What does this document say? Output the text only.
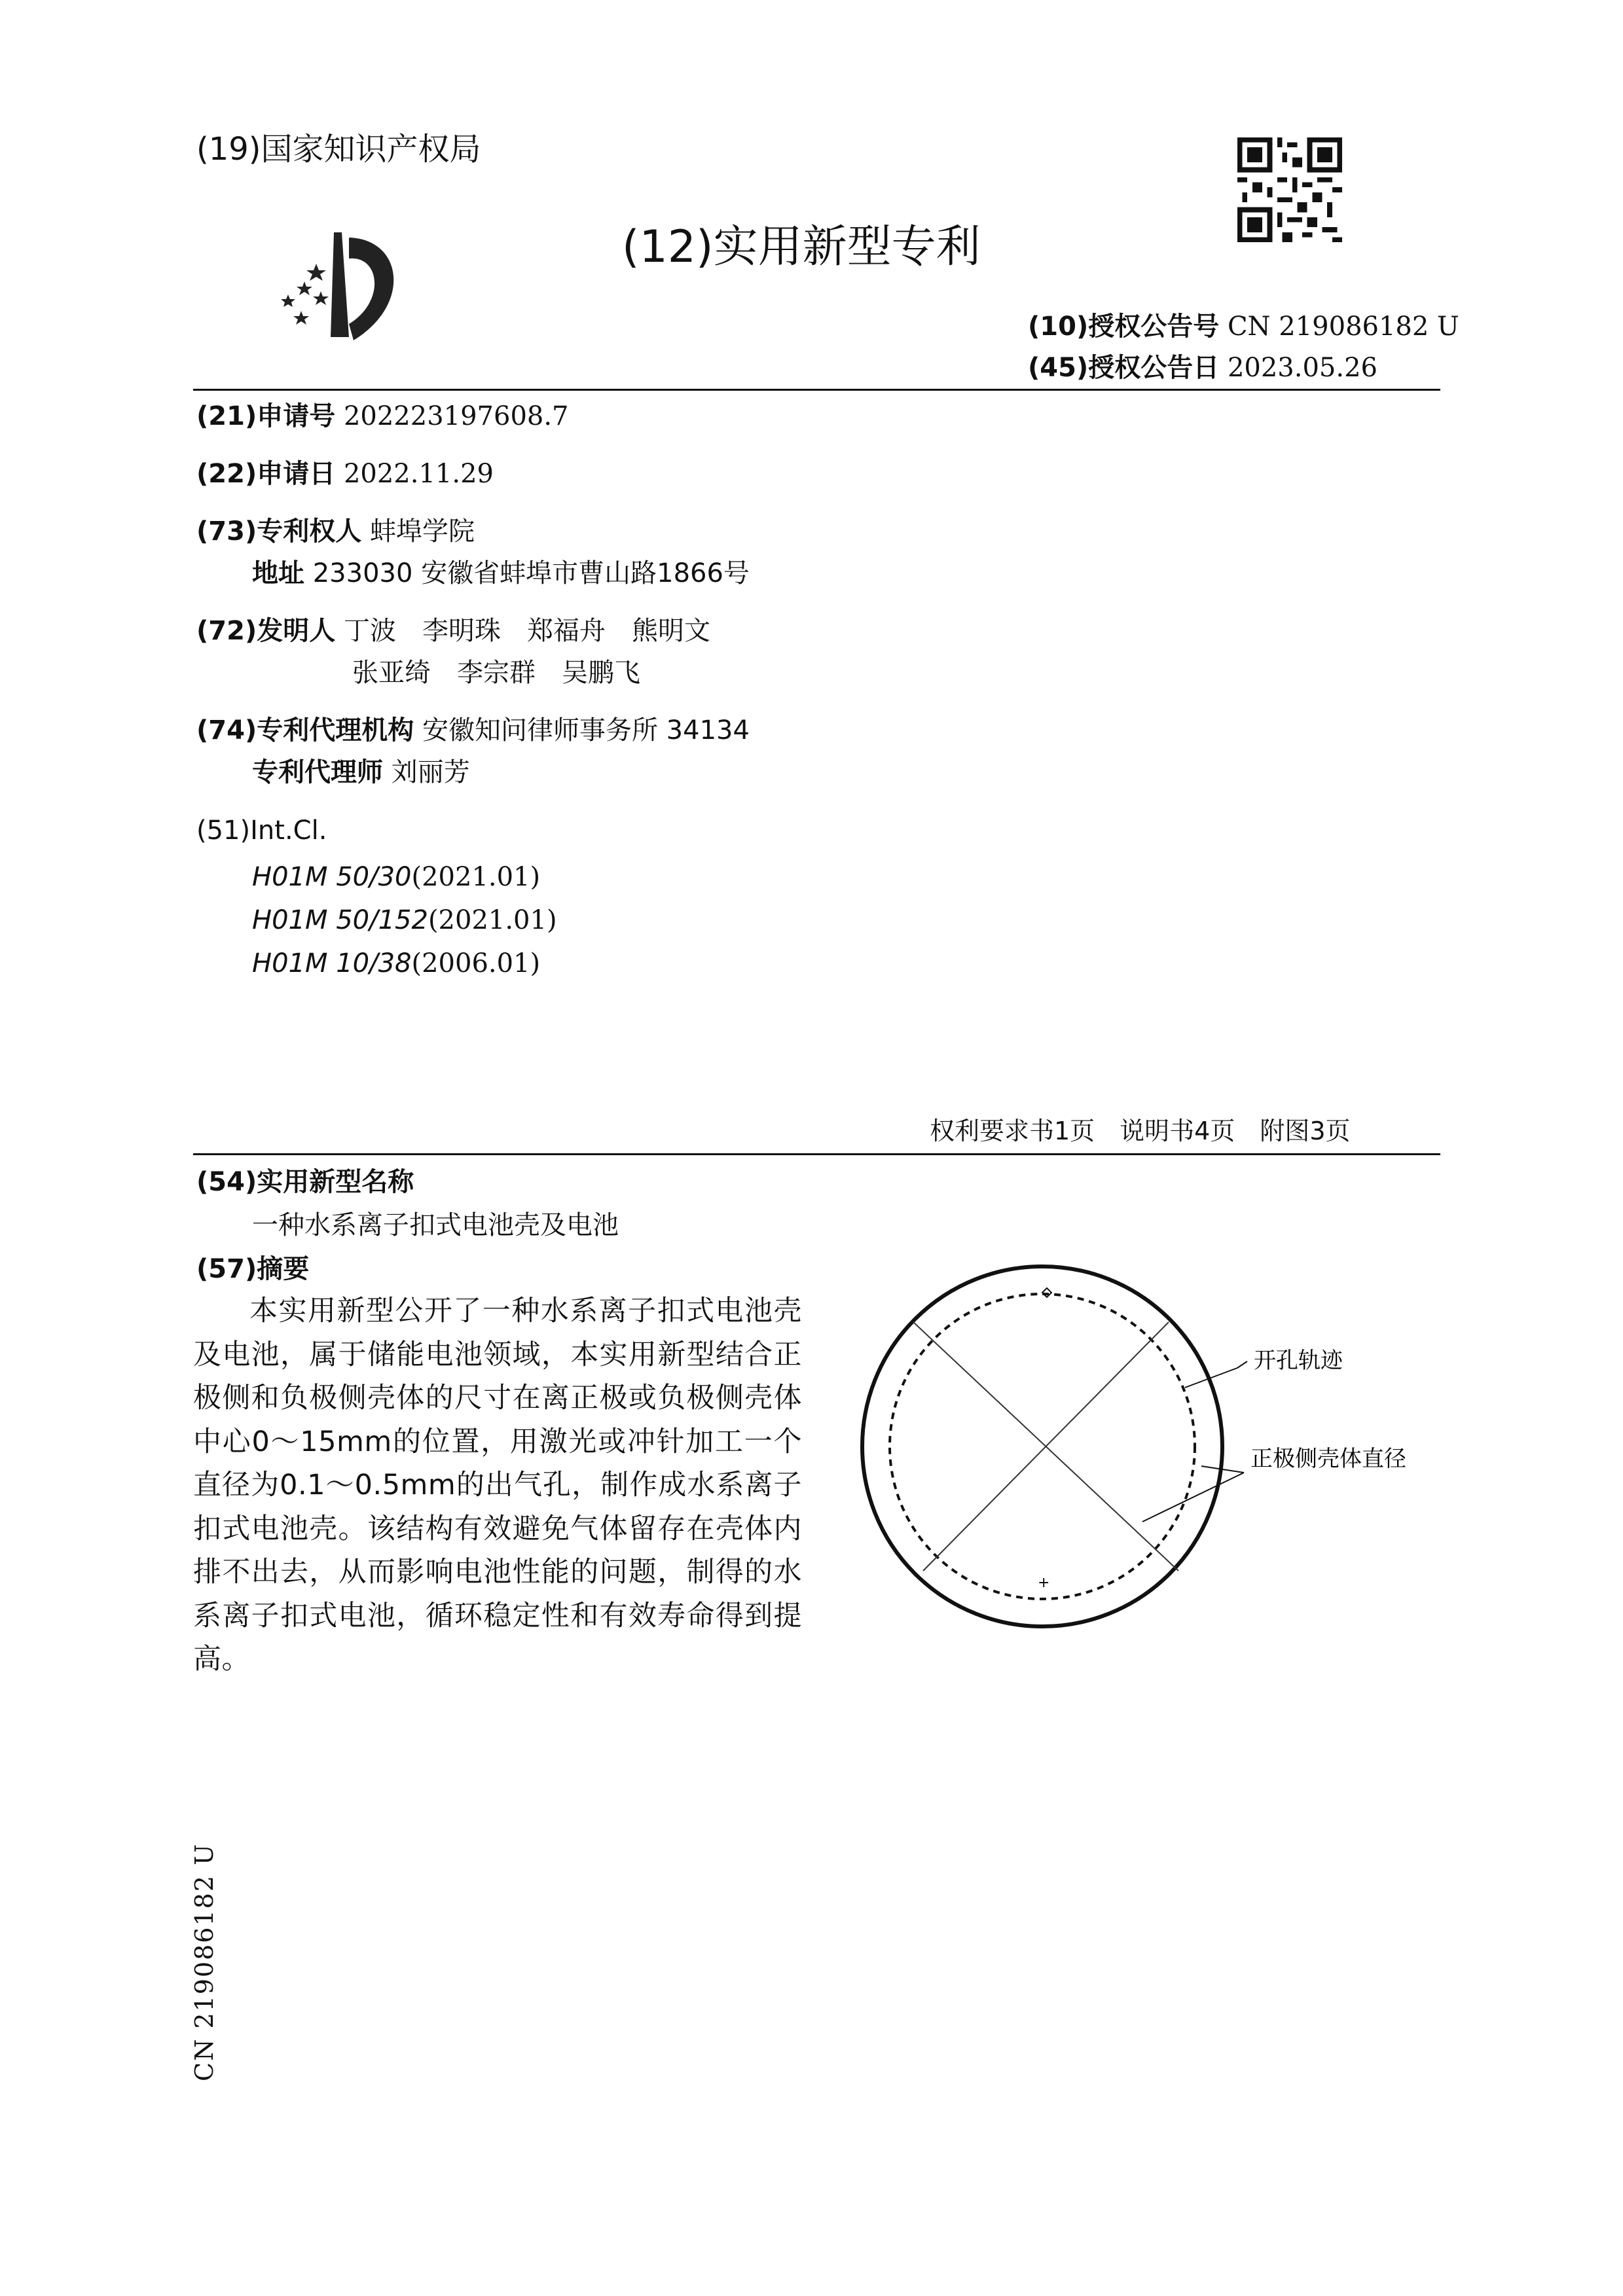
(19)国家知识产权局
(12)实用新型专利
(10)授权公告号 CN 219086182 U
(45)授权公告日 2023.05.26
(21)申请号 202223197608.7
(22)申请日 2022.11.29
(73)专利权人 蚌埠学院
地址 233030 安徽省蚌埠市曹山路1866号
(72)发明人 丁波　李明珠　郑福舟　熊明文
张亚绮　李宗群　吴鹏飞
(74)专利代理机构 安徽知问律师事务所 34134
专利代理师 刘丽芳
(51)Int.Cl.
H01M 50/30(2021.01)
H01M 50/152(2021.01)
H01M 10/38(2006.01)
权利要求书1页　说明书4页　附图3页
(54)实用新型名称
一种水系离子扣式电池壳及电池
(57)摘要
本实用新型公开了一种水系离子扣式电池壳及电池，属于储能电池领域，本实用新型结合正极侧和负极侧壳体的尺寸在离正极或负极侧壳体中心0～15mm的位置，用激光或冲针加工一个直径为0.1～0.5mm的出气孔，制作成水系离子扣式电池壳。该结构有效避免气体留存在壳体内排不出去，从而影响电池性能的问题，制得的水系离子扣式电池，循环稳定性和有效寿命得到提高。
+
开孔轨迹
正极侧壳体直径
CN 219086182 U
